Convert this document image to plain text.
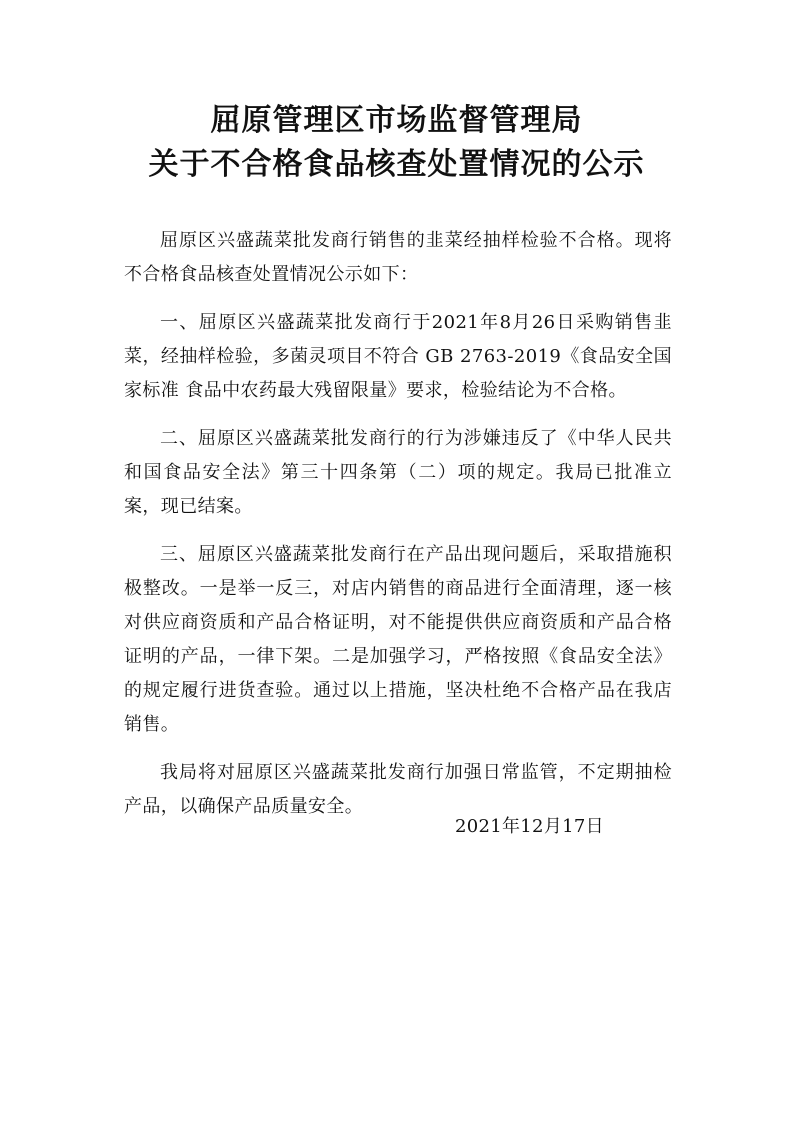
屈原管理区市场监督管理局
关于不合格食品核查处置情况的公示

屈原区兴盛蔬菜批发商行销售的韭菜经抽样检验不合格。现将不合格食品核查处置情况公示如下：

一、屈原区兴盛蔬菜批发商行于2021年8月26日采购销售韭菜，经抽样检验，多菌灵项目不符合 GB 2763-2019《食品安全国家标准 食品中农药最大残留限量》要求，检验结论为不合格。

二、屈原区兴盛蔬菜批发商行的行为涉嫌违反了《中华人民共和国食品安全法》第三十四条第（二）项的规定。我局已批准立案，现已结案。

三、屈原区兴盛蔬菜批发商行在产品出现问题后，采取措施积极整改。一是举一反三，对店内销售的商品进行全面清理，逐一核对供应商资质和产品合格证明，对不能提供供应商资质和产品合格证明的产品，一律下架。二是加强学习，严格按照《食品安全法》的规定履行进货查验。通过以上措施，坚决杜绝不合格产品在我店销售。

我局将对屈原区兴盛蔬菜批发商行加强日常监管，不定期抽检产品，以确保产品质量安全。

2021年12月17日
